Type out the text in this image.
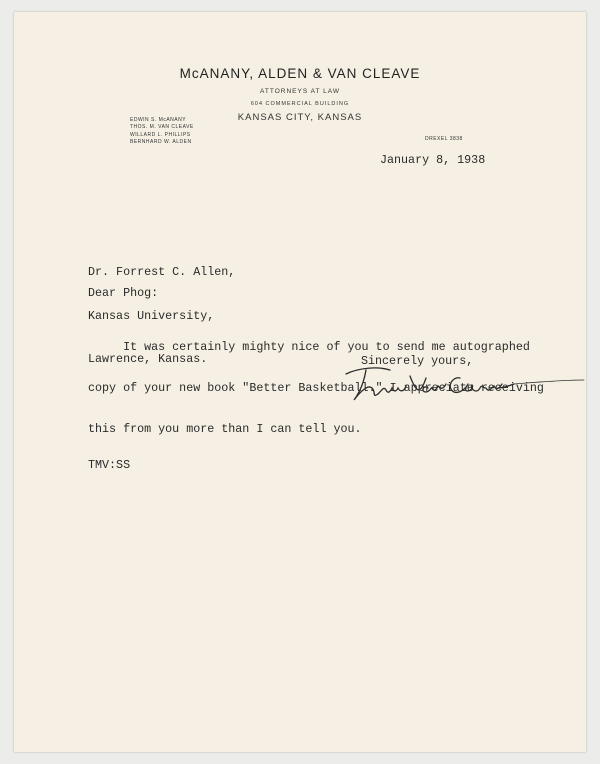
McANANY, ALDEN & VAN CLEAVE
ATTORNEYS AT LAW
604 COMMERCIAL BUILDING
KANSAS CITY, KANSAS
EDWIN S. McANANY
THOS. M. VAN CLEAVE
WILLARD L. PHILLIPS
BERNHARD W. ALDEN
DREXEL 3838
January 8, 1938

Dr. Forrest C. Allen,

Kansas University,

Lawrence, Kansas.

Dear Phog:

It was certainly mighty nice of you to send me autographed

copy of your new book "Better Basketball." I appreciate receiving

this from you more than I can tell you.

Sincerely yours,
TMV:SS
